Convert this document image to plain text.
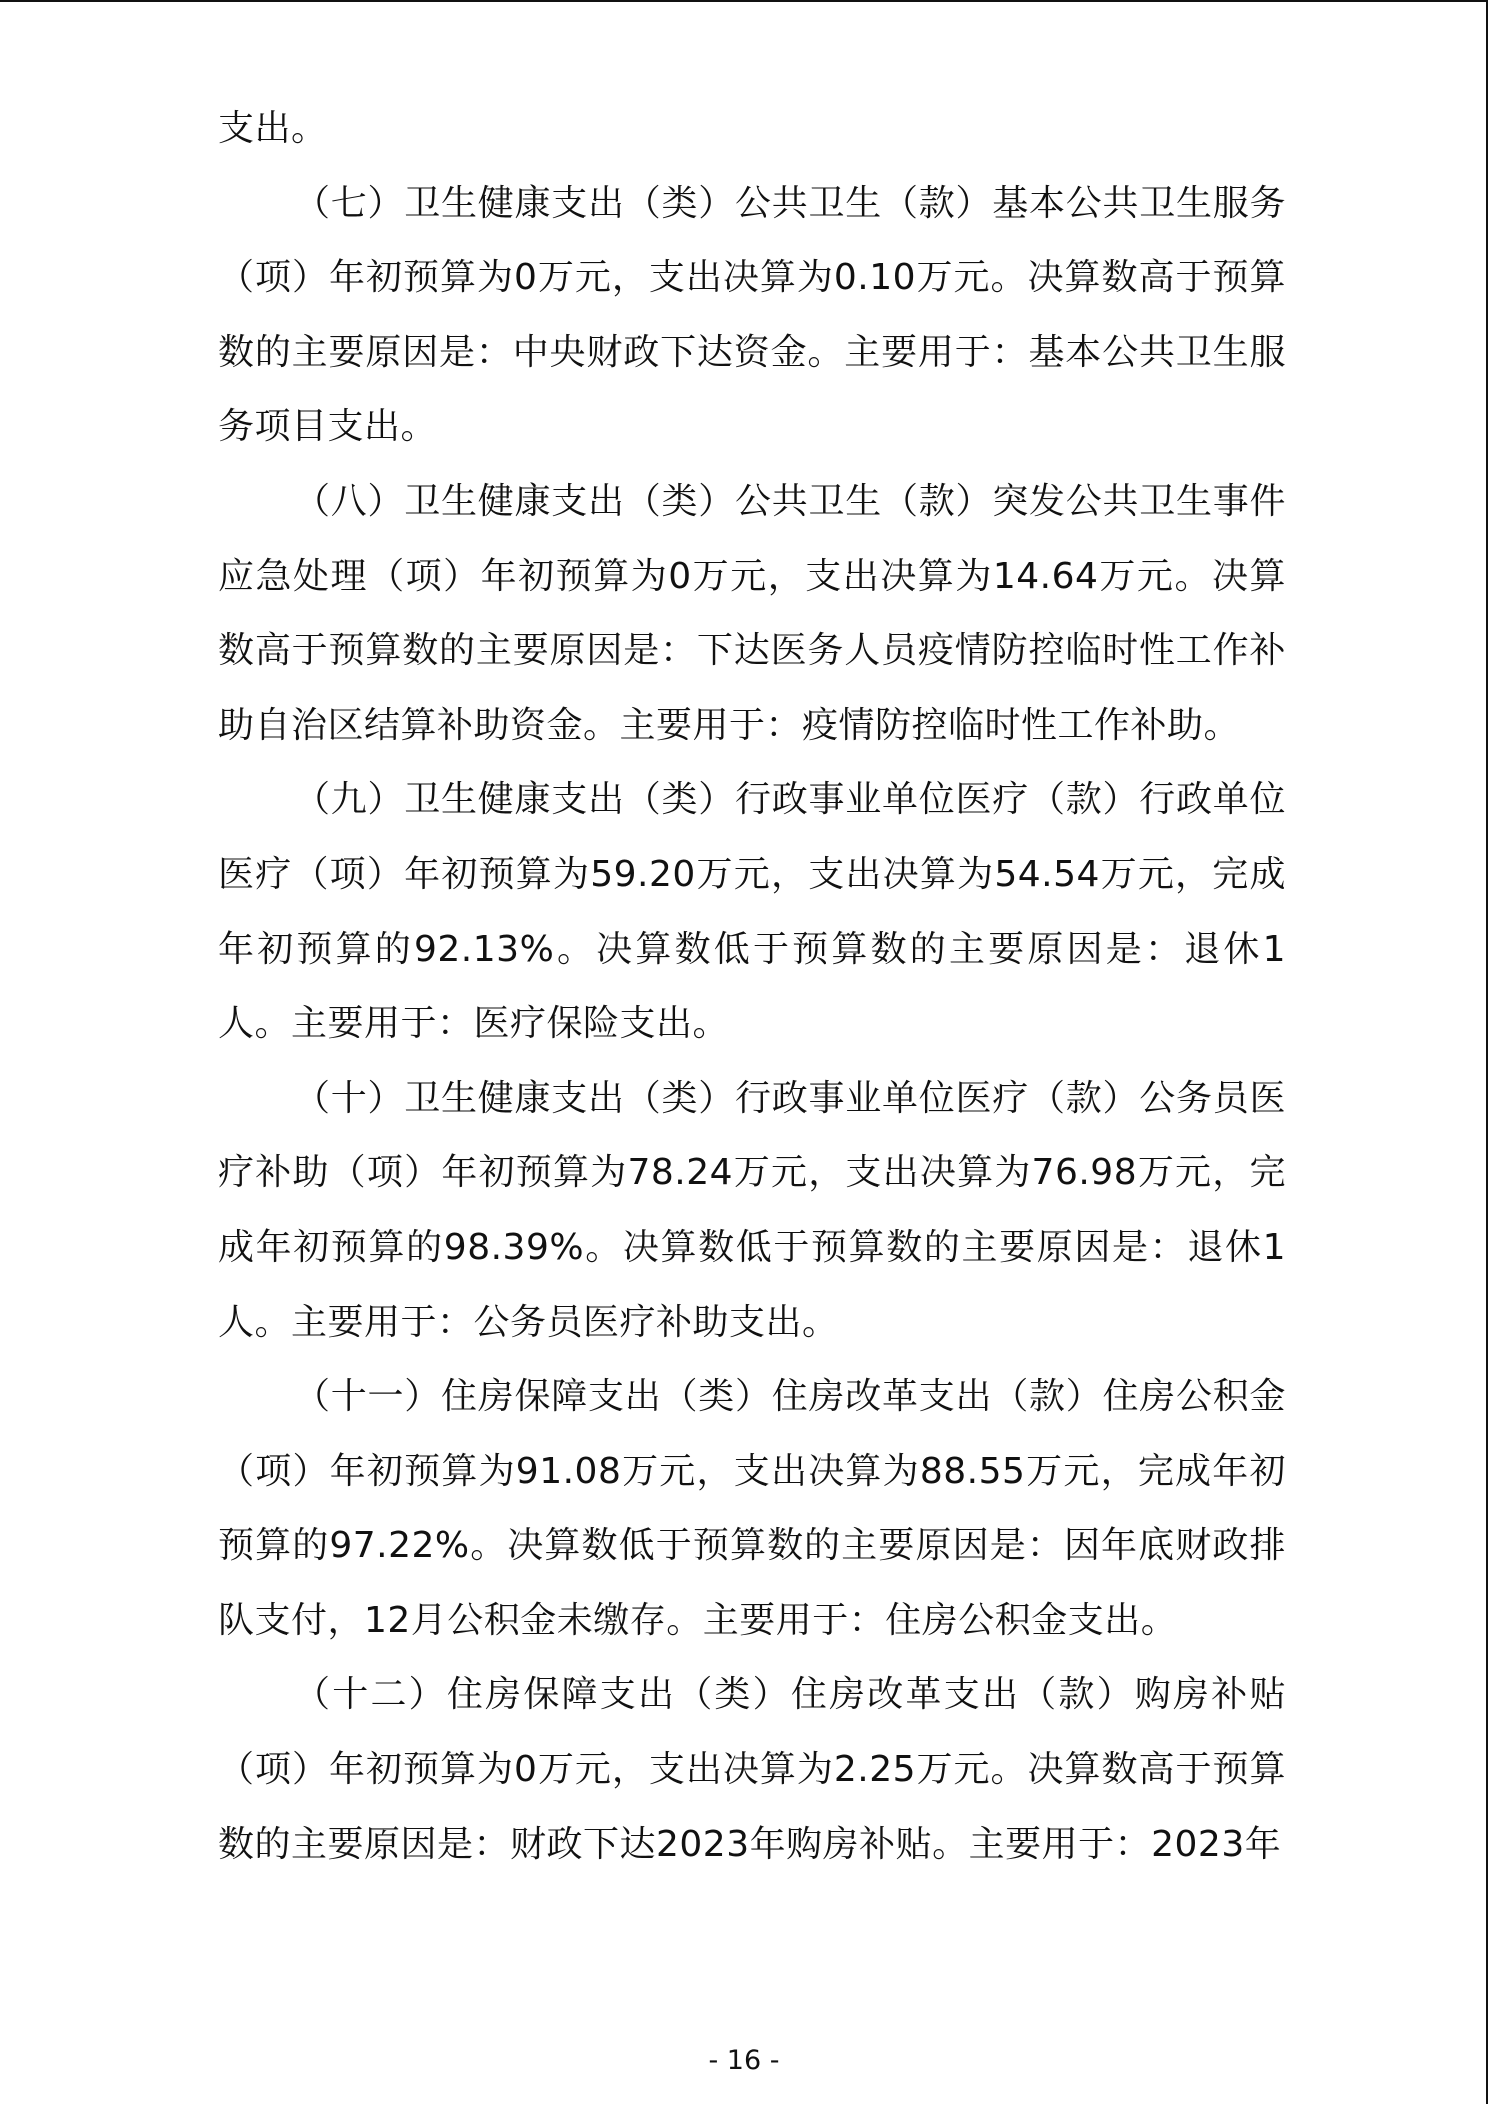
支出。

（七）卫生健康支出（类）公共卫生（款）基本公共卫生服务（项）年初预算为0万元，支出决算为0.10万元。决算数高于预算数的主要原因是：中央财政下达资金。主要用于：基本公共卫生服务项目支出。

（八）卫生健康支出（类）公共卫生（款）突发公共卫生事件应急处理（项）年初预算为0万元，支出决算为14.64万元。决算数高于预算数的主要原因是：下达医务人员疫情防控临时性工作补助自治区结算补助资金。主要用于：疫情防控临时性工作补助。

（九）卫生健康支出（类）行政事业单位医疗（款）行政单位医疗（项）年初预算为59.20万元，支出决算为54.54万元，完成年初预算的92.13%。决算数低于预算数的主要原因是：退休1人。主要用于：医疗保险支出。

（十）卫生健康支出（类）行政事业单位医疗（款）公务员医疗补助（项）年初预算为78.24万元，支出决算为76.98万元，完成年初预算的98.39%。决算数低于预算数的主要原因是：退休1人。主要用于：公务员医疗补助支出。

（十一）住房保障支出（类）住房改革支出（款）住房公积金（项）年初预算为91.08万元，支出决算为88.55万元，完成年初预算的97.22%。决算数低于预算数的主要原因是：因年底财政排队支付，12月公积金未缴存。主要用于：住房公积金支出。

（十二）住房保障支出（类）住房改革支出（款）购房补贴（项）年初预算为0万元，支出决算为2.25万元。决算数高于预算数的主要原因是：财政下达2023年购房补贴。主要用于：2023年

- 16 -
